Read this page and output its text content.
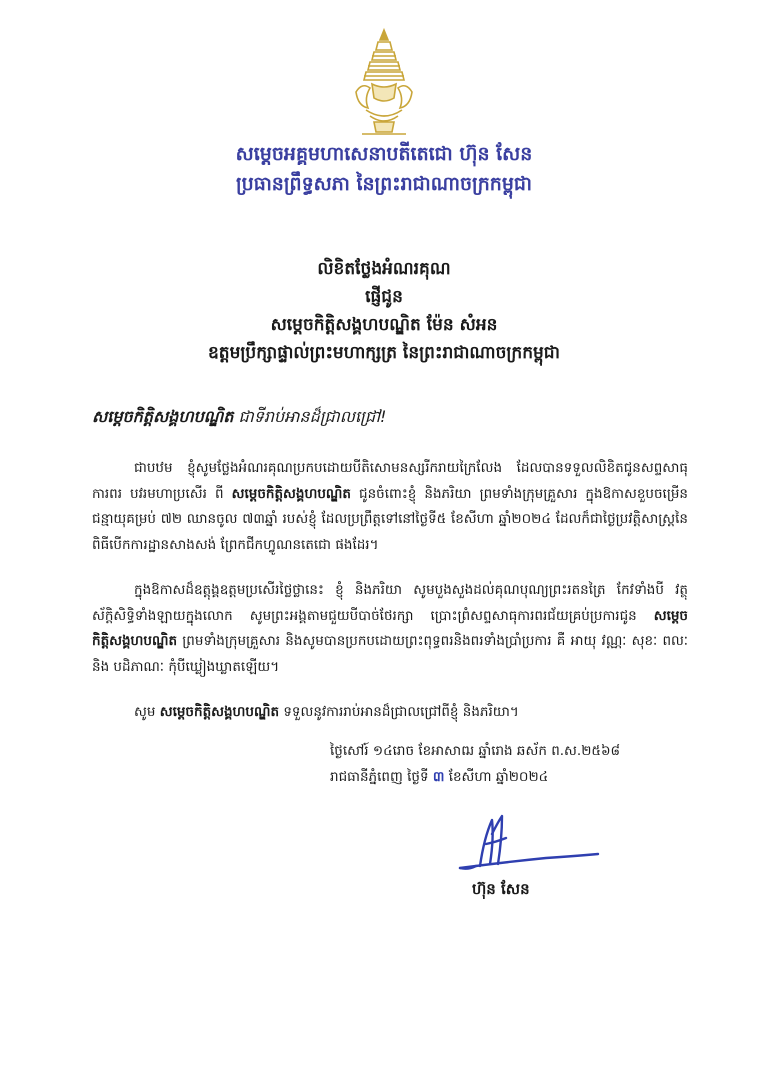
សម្តេចអគ្គមហាសេនាបតីតេជោ ហ៊ុន សែន
ប្រធានព្រឹទ្ធសភា នៃព្រះរាជាណាចក្រកម្ពុជា
លិខិតថ្លែងអំណរគុណ
ផ្ញើជូន
សម្តេចកិត្តិសង្គហបណ្ឌិត ម៉ែន សំអន
ឧត្តមប្រឹក្សាផ្ទាល់ព្រះមហាក្សត្រ នៃព្រះរាជាណាចក្រកម្ពុជា
សម្តេចកិត្តិសង្គហបណ្ឌិត ជាទីរាប់អានដ៏ជ្រាលជ្រៅ!
ជាបឋម ខ្ញុំសូមថ្លែងអំណរគុណប្រកបដោយបីតិសោមនស្សរីករាយក្រៃលែង ដែលបានទទួលលិខិតជូនសព្ទសាធុការពរ បវរមហាប្រសើរ ពី សម្តេចកិត្តិសង្គហបណ្ឌិត ជូនចំពោះខ្ញុំ និងភរិយា ព្រមទាំងក្រុមគ្រួសារ ក្នុងឱកាសខួបចម្រើនជន្មាយុគម្រប់ ៧២ ឈានចូល ៧៣ឆ្នាំ របស់ខ្ញុំ ដែលប្រព្រឹត្តទៅនៅថ្ងៃទី៥ ខែសីហា ឆ្នាំ២០២៤ ដែលក៏ជាថ្ងៃប្រវត្តិសាស្ត្រនៃពិធីបើកការដ្ឋានសាងសង់ ព្រែកជីកហ្វូណនតេជោ ផងដែរ។
ក្នុងឱកាសដ៏ឧត្តុង្គឧត្តមប្រសើរថ្លៃថ្លានេះ ខ្ញុំ និងភរិយា សូមបួងសួងដល់គុណបុណ្យព្រះរតនត្រៃ កែវទាំងបី វត្ថុស័ក្តិសិទ្ធិទាំងឡាយក្នុងលោក សូមព្រះអង្គតាមជួយបីបាច់ថែរក្សា ប្រោះព្រំសព្ទសាធុការពរជ័យគ្រប់ប្រការជូន សម្តេចកិត្តិសង្គហបណ្ឌិត ព្រមទាំងក្រុមគ្រួសារ និងសូមបានប្រកបដោយព្រះពុទ្ធពរនិងពរទាំងប្រាំប្រការ គឺ អាយុ វណ្ណៈ សុខៈ ពលៈ និង បដិភាណៈ កុំបីឃ្លៀងឃ្លាតឡើយ។
សូម សម្តេចកិត្តិសង្គហបណ្ឌិត ទទួលនូវការរាប់អានដ៏ជ្រាលជ្រៅពីខ្ញុំ និងភរិយា។
ថ្ងៃសៅរ៍ ១៤រោច ខែអាសាឍ ឆ្នាំរោង ឆស័ក ព.ស.២៥៦៨
រាជធានីភ្នំពេញ ថ្ងៃទី ៣ ខែសីហា ឆ្នាំ២០២៤
ហ៊ុន សែន
